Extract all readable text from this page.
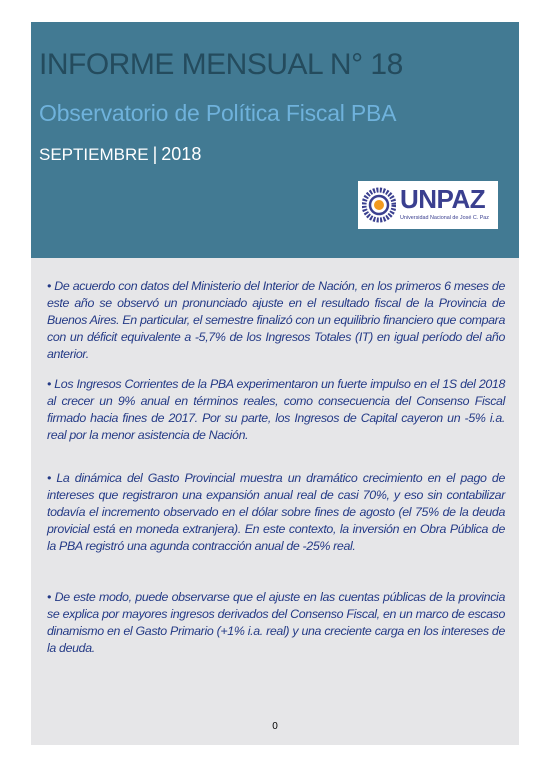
INFORME MENSUAL N° 18
Observatorio de Política Fiscal PBA
SEPTIEMBRE | 2018
UNPAZ
Universidad Nacional de José C. Paz

• De acuerdo con datos del Ministerio del Interior de Nación, en los primeros 6 meses de este año se observó un pronunciado ajuste en el resultado fiscal de la Provincia de Buenos Aires. En particular, el semestre finalizó con un equilibrio financiero que compara con un déficit equivalente a -5,7% de los Ingresos Totales (IT) en igual período del año anterior.

• Los Ingresos Corrientes de la PBA experimentaron un fuerte impulso en el 1S del 2018 al crecer un 9% anual en términos reales, como consecuencia del Consenso Fiscal firmado hacia fines de 2017. Por su parte, los Ingresos de Capital cayeron un -5% i.a. real por la menor asistencia de Nación.

• La dinámica del Gasto Provincial muestra un dramático crecimiento en el pago de intereses que registraron una expansión anual real de casi 70%, y eso sin contabilizar todavía el incremento observado en el dólar sobre fines de agosto (el 75% de la deuda provicial está en moneda extranjera). En este contexto, la inversión en Obra Pública de la PBA registró una agunda contracción anual de -25% real.

• De este modo, puede observarse que el ajuste en las cuentas públicas de la provincia se explica por mayores ingresos derivados del Consenso Fiscal, en un marco de escaso dinamismo en el Gasto Primario (+1% i.a. real) y una creciente carga en los intereses de la deuda.

0
